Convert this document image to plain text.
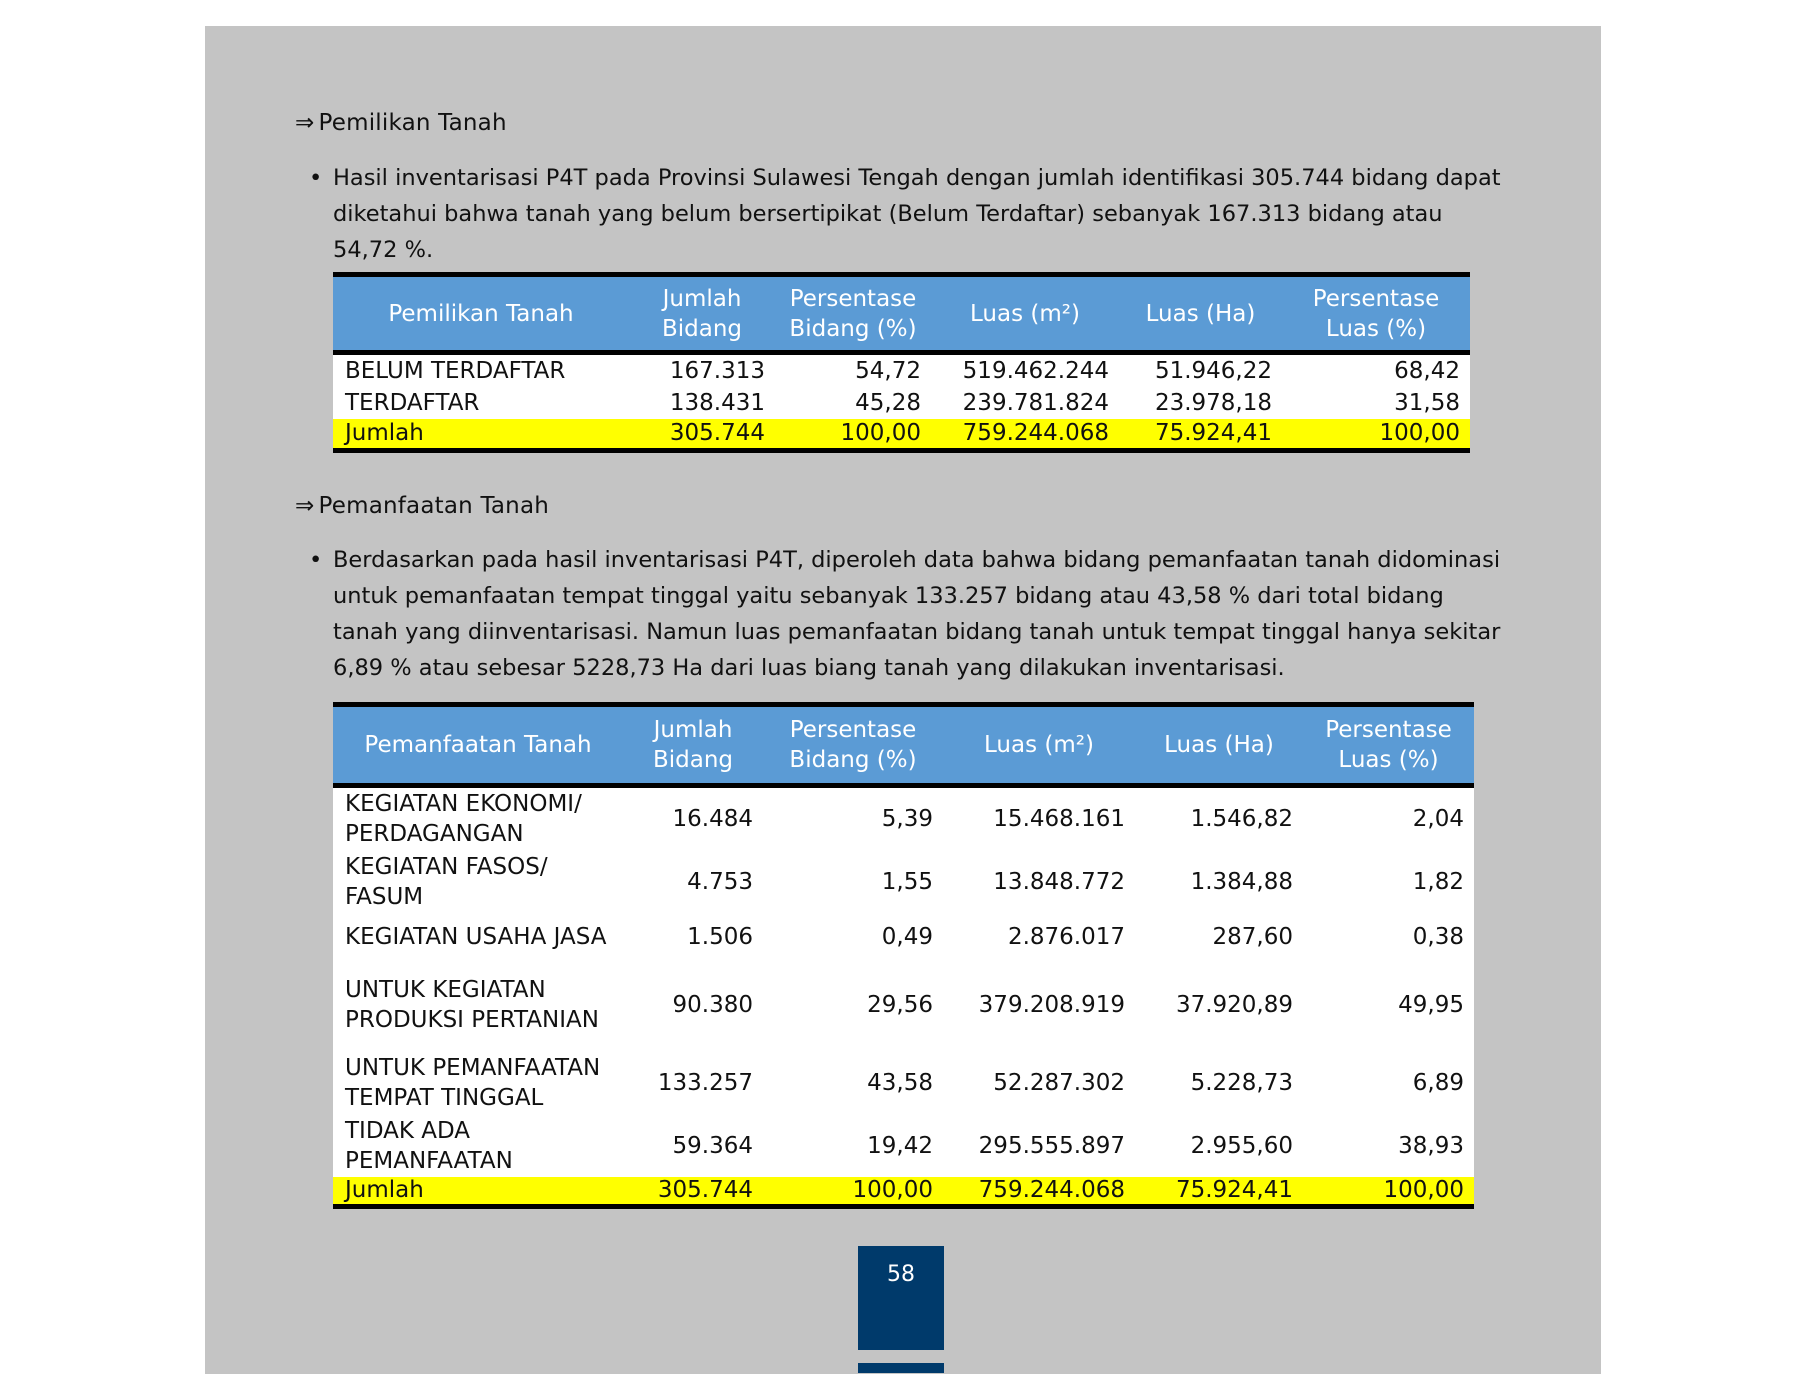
⇒ Pemilikan Tanah
• Hasil inventarisasi P4T pada Provinsi Sulawesi Tengah dengan jumlah identifikasi 305.744 bidang dapat diketahui bahwa tanah yang belum bersertipikat (Belum Terdaftar) sebanyak 167.313 bidang atau 54,72 %.
Pemilikan Tanah	Jumlah Bidang	Persentase Bidang (%)	Luas (m²)	Luas (Ha)	Persentase Luas (%)
BELUM TERDAFTAR	167.313	54,72	519.462.244	51.946,22	68,42
TERDAFTAR	138.431	45,28	239.781.824	23.978,18	31,58
Jumlah	305.744	100,00	759.244.068	75.924,41	100,00
⇒ Pemanfaatan Tanah
• Berdasarkan pada hasil inventarisasi P4T, diperoleh data bahwa bidang pemanfaatan tanah didominasi untuk pemanfaatan tempat tinggal yaitu sebanyak 133.257 bidang atau 43,58 % dari total bidang tanah yang diinventarisasi. Namun luas pemanfaatan bidang tanah untuk tempat tinggal hanya sekitar 6,89 % atau sebesar 5228,73 Ha dari luas biang tanah yang dilakukan inventarisasi.
Pemanfaatan Tanah	Jumlah Bidang	Persentase Bidang (%)	Luas (m²)	Luas (Ha)	Persentase Luas (%)
KEGIATAN EKONOMI/ PERDAGANGAN	16.484	5,39	15.468.161	1.546,82	2,04
KEGIATAN FASOS/ FASUM	4.753	1,55	13.848.772	1.384,88	1,82
KEGIATAN USAHA JASA	1.506	0,49	2.876.017	287,60	0,38
UNTUK KEGIATAN PRODUKSI PERTANIAN	90.380	29,56	379.208.919	37.920,89	49,95
UNTUK PEMANFAATAN TEMPAT TINGGAL	133.257	43,58	52.287.302	5.228,73	6,89
TIDAK ADA PEMANFAATAN	59.364	19,42	295.555.897	2.955,60	38,93
Jumlah	305.744	100,00	759.244.068	75.924,41	100,00
58
